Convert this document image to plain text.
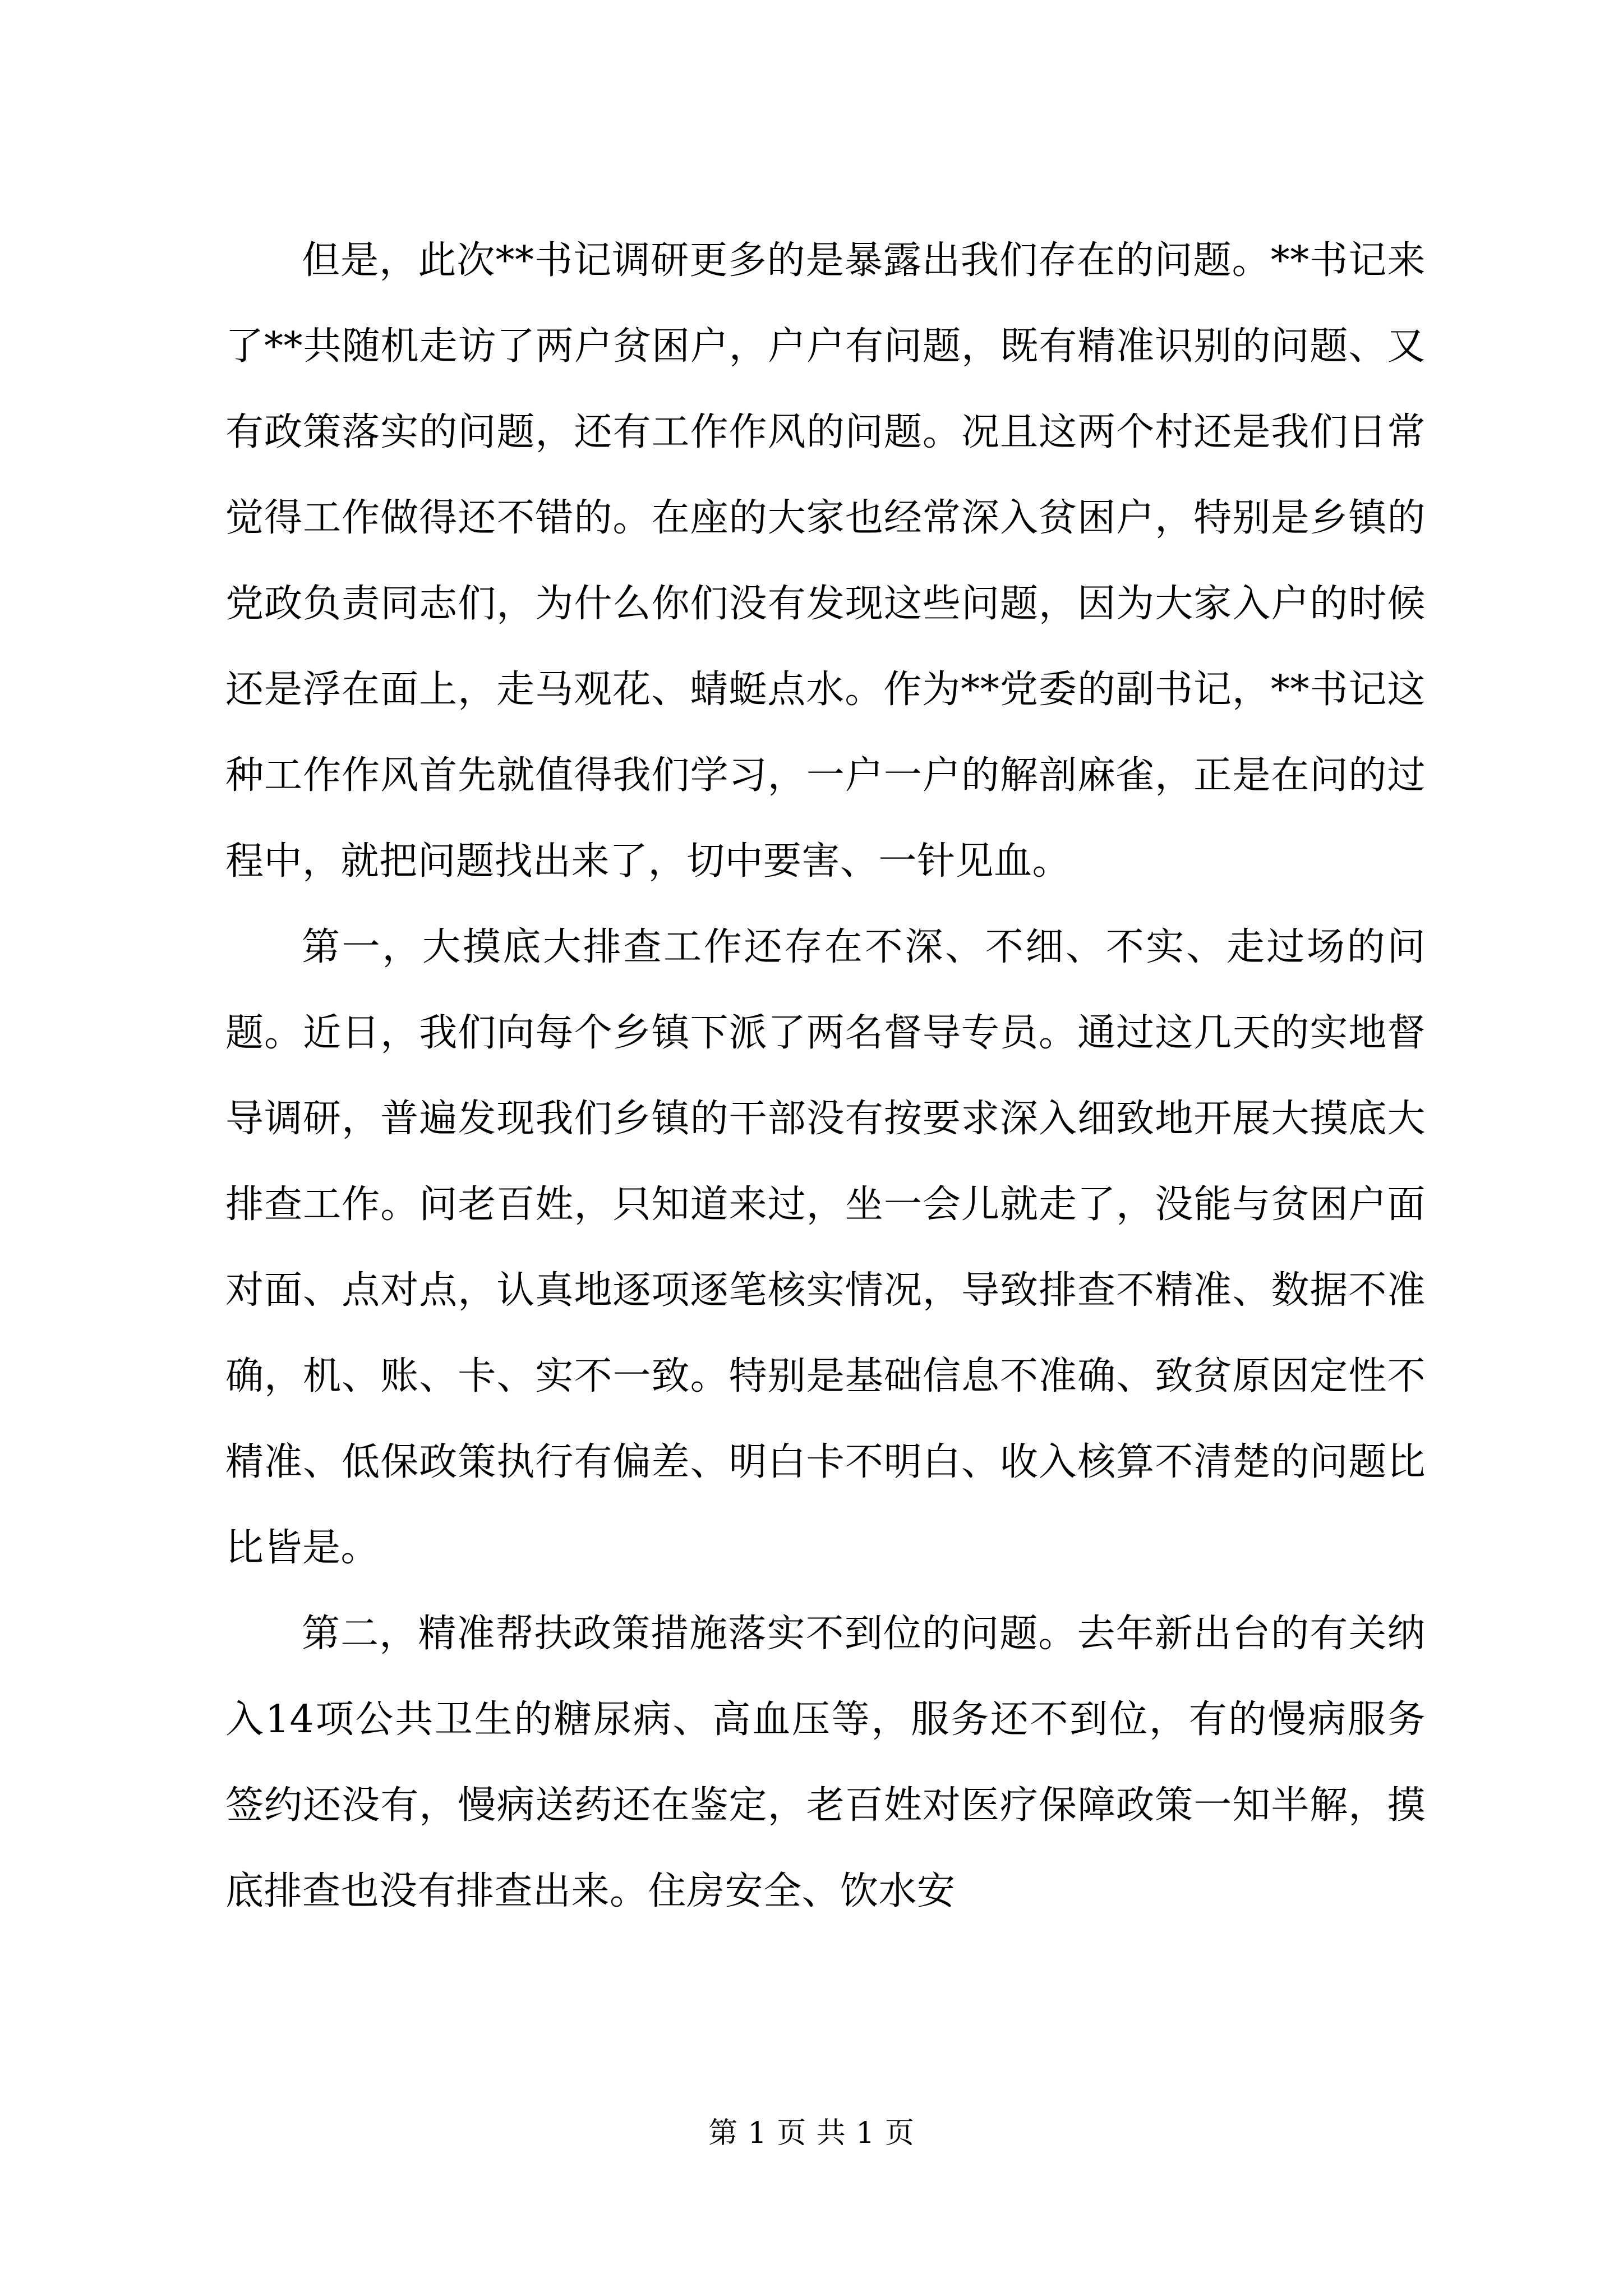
但是，此次**书记调研更多的是暴露出我们存在的问题。**书记来了**共随机走访了两户贫困户，户户有问题，既有精准识别的问题、又有政策落实的问题，还有工作作风的问题。况且这两个村还是我们日常觉得工作做得还不错的。在座的大家也经常深入贫困户，特别是乡镇的党政负责同志们，为什么你们没有发现这些问题，因为大家入户的时候还是浮在面上，走马观花、蜻蜓点水。作为**党委的副书记，**书记这种工作作风首先就值得我们学习，一户一户的解剖麻雀，正是在问的过程中，就把问题找出来了，切中要害、一针见血。

第一，大摸底大排查工作还存在不深、不细、不实、走过场的问题。近日，我们向每个乡镇下派了两名督导专员。通过这几天的实地督导调研，普遍发现我们乡镇的干部没有按要求深入细致地开展大摸底大排查工作。问老百姓，只知道来过，坐一会儿就走了，没能与贫困户面对面、点对点，认真地逐项逐笔核实情况，导致排查不精准、数据不准确，机、账、卡、实不一致。特别是基础信息不准确、致贫原因定性不精准、低保政策执行有偏差、明白卡不明白、收入核算不清楚的问题比比皆是。

第二，精准帮扶政策措施落实不到位的问题。去年新出台的有关纳入14项公共卫生的糖尿病、高血压等，服务还不到位，有的慢病服务签约还没有，慢病送药还在鉴定，老百姓对医疗保障政策一知半解，摸底排查也没有排查出来。住房安全、饮水安

第 1 页 共 1 页
